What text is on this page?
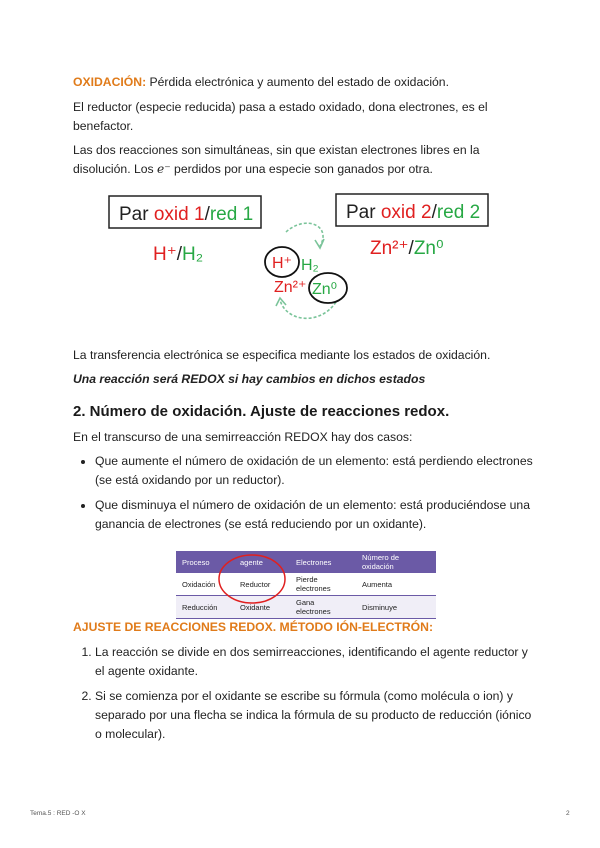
OXIDACIÓN: Pérdida electrónica y aumento del estado de oxidación.

El reductor (especie reducida) pasa a estado oxidado, dona electrones, es el benefactor.

Las dos reacciones son simultáneas, sin que existan electrones libres en la disolución. Los e⁻ perdidos por una especie son ganados por otra.

La transferencia electrónica se especifica mediante los estados de oxidación.

Una reacción será REDOX si hay cambios en dichos estados

2. Número de oxidación. Ajuste de reacciones redox.

En el transcurso de una semirreacción REDOX hay dos casos:

• Que aumente el número de oxidación de un elemento: está perdiendo electrones (se está oxidando por un reductor).
• Que disminuya el número de oxidación de un elemento: está produciéndose una ganancia de electrones (se está reduciendo por un oxidante).
AJUSTE DE REACCIONES REDOX. MÉTODO IÓN-ELECTRÓN:
1. La reacción se divide en dos semirreacciones, identificando el agente reductor y el agente oxidante.
2. Si se comienza por el oxidante se escribe su fórmula (como molécula o ion) y separado por una flecha se indica la fórmula de su producto de reducción (iónico o molecular).
Par oxid 1/red 1	Par oxid 2/red 2
H⁺/H₂	Zn²⁺/Zn⁰
H⁺ H₂
Zn²⁺ Zn⁰
Proceso	agente	Electrones	Número de oxidación
Oxidación	Reductor	Pierde electrones	Aumenta
Reducción	Oxidante	Gana electrones	Disminuye
Tema.5 : RED -O X	2
